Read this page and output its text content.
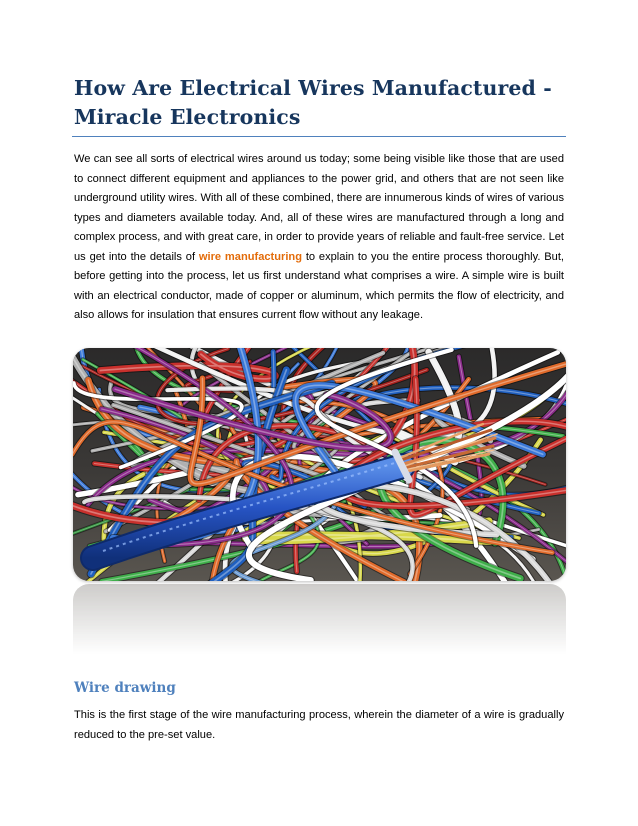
How Are Electrical Wires Manufactured - Miracle Electronics

We can see all sorts of electrical wires around us today; some being visible like those that are used to connect different equipment and appliances to the power grid, and others that are not seen like underground utility wires. With all of these combined, there are innumerous kinds of wires of various types and diameters available today. And, all of these wires are manufactured through a long and complex process, and with great care, in order to provide years of reliable and fault-free service. Let us get into the details of wire manufacturing to explain to you the entire process thoroughly. But, before getting into the process, let us first understand what comprises a wire. A simple wire is built with an electrical conductor, made of copper or aluminum, which permits the flow of electricity, and also allows for insulation that ensures current flow without any leakage.

Wire drawing

This is the first stage of the wire manufacturing process, wherein the diameter of a wire is gradually reduced to the pre-set value.
